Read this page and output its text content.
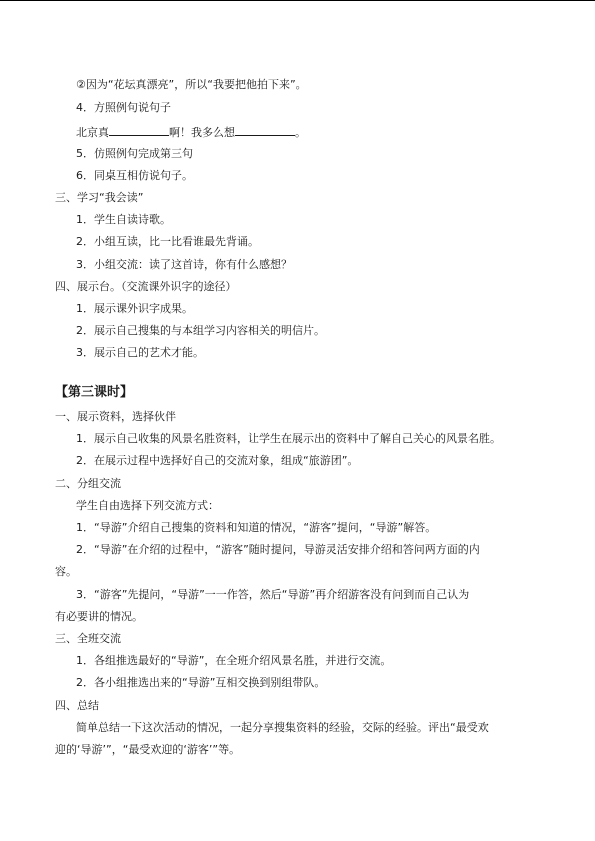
②因为“花坛真漂亮”，所以“我要把他拍下来”。
4．方照例句说句子
北京真	啊！我多么想	。
5．仿照例句完成第三句
6．同桌互相仿说句子。
三、学习“我会读”
1．学生自读诗歌。
2．小组互读，比一比看谁最先背诵。
3．小组交流：读了这首诗，你有什么感想？
四、展示台。（交流课外识字的途径）
1．展示课外识字成果。
2．展示自己搜集的与本组学习内容相关的明信片。
3．展示自己的艺术才能。
【第三课时】
一、展示资料，选择伙伴
1．展示自己收集的风景名胜资料，让学生在展示出的资料中了解自己关心的风景名胜。
2．在展示过程中选择好自己的交流对象，组成“旅游团”。
二、分组交流
学生自由选择下列交流方式：
1．“导游”介绍自己搜集的资料和知道的情况，“游客”提问，“导游”解答。
2．“导游”在介绍的过程中，“游客”随时提问，导游灵活安排介绍和答问两方面的内
容。
3．“游客”先提问，“导游”一一作答，然后“导游”再介绍游客没有问到而自己认为
有必要讲的情况。
三、全班交流
1．各组推选最好的“导游”，在全班介绍风景名胜，并进行交流。
2．各小组推选出来的“导游”互相交换到别组带队。
四、总结
简单总结一下这次活动的情况，一起分享搜集资料的经验，交际的经验。评出“最受欢
迎的‘导游’”，“最受欢迎的‘游客’”等。
